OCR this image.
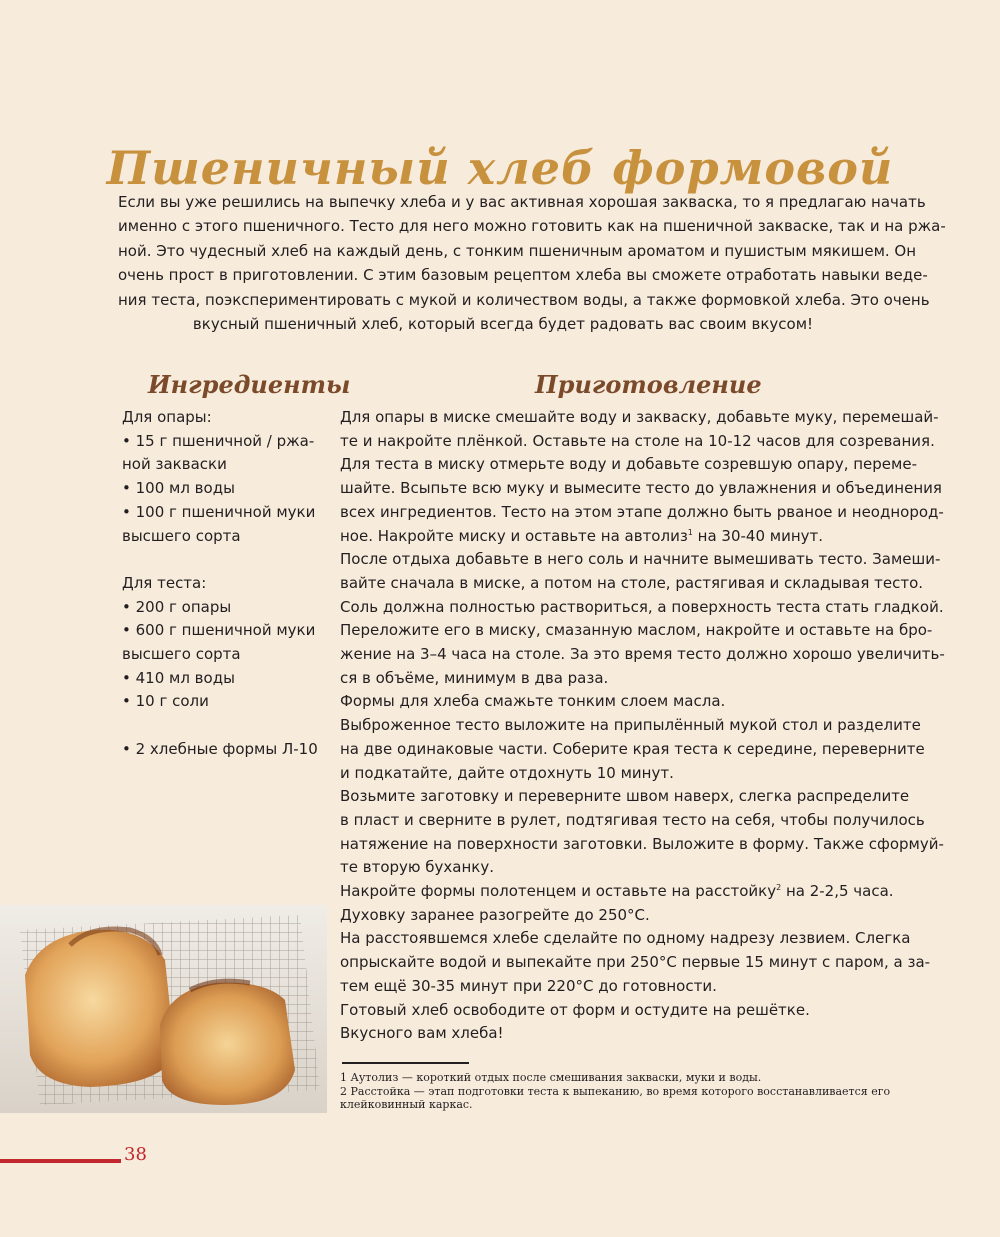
Пшеничный хлеб формовой

Если вы уже решились на выпечку хлеба и у вас активная хорошая закваска, то я предлагаю начать
именно с этого пшеничного. Тесто для него можно готовить как на пшеничной закваске, так и на ржа-
ной. Это чудесный хлеб на каждый день, с тонким пшеничным ароматом и пушистым мякишем. Он
очень прост в приготовлении. С этим базовым рецептом хлеба вы сможете отработать навыки веде-
ния теста, поэкспериментировать с мукой и количеством воды, а также формовкой хлеба. Это очень
вкусный пшеничный хлеб, который всегда будет радовать вас своим вкусом!

Ингредиенты	Приготовление
Для опары:
• 15 г пшеничной / ржа-
ной закваски
• 100 мл воды
• 100 г пшеничной муки
высшего сорта
Для теста:
• 200 г опары
• 600 г пшеничной муки
высшего сорта
• 410 мл воды
• 10 г соли
• 2 хлебные формы Л-10
Для опары в миске смешайте воду и закваску, добавьте муку, перемешай-
те и накройте плёнкой. Оставьте на столе на 10-12 часов для созревания.
Для теста в миску отмерьте воду и добавьте созревшую опару, переме-
шайте. Всыпьте всю муку и вымесите тесто до увлажнения и объединения
всех ингредиентов. Тесто на этом этапе должно быть рваное и неоднород-
ное. Накройте миску и оставьте на автолиз$^1$ на 30-40 минут.
После отдыха добавьте в него соль и начните вымешивать тесто. Замеши-
вайте сначала в миске, а потом на столе, растягивая и складывая тесто.
Соль должна полностью раствориться, а поверхность теста стать гладкой.
Переложите его в миску, смазанную маслом, накройте и оставьте на бро-
жение на 3–4 часа на столе. За это время тесто должно хорошо увеличить-
ся в объёме, минимум в два раза.
Формы для хлеба смажьте тонким слоем масла.
Выброженное тесто выложите на припылённый мукой стол и разделите
на две одинаковые части. Соберите края теста к середине, переверните
и подкатайте, дайте отдохнуть 10 минут.
Возьмите заготовку и переверните швом наверх, слегка распределите
в пласт и сверните в рулет, подтягивая тесто на себя, чтобы получилось
натяжение на поверхности заготовки. Выложите в форму. Также сформуй-
те вторую буханку.
Накройте формы полотенцем и оставьте на расстойку$^2$ на 2-2,5 часа.
Духовку заранее разогрейте до 250°С.
На расстоявшемся хлебе сделайте по одному надрезу лезвием. Слегка
опрыскайте водой и выпекайте при 250°С первые 15 минут с паром, а за-
тем ещё 30-35 минут при 220°С до готовности.
Готовый хлеб освободите от форм и остудите на решётке.
Вкусного вам хлеба!
1 Аутолиз — короткий отдых после смешивания закваски, муки и воды.
2 Расстойка — этап подготовки теста к выпеканию, во время которого восстанавливается его
клейковинный каркас.
38
